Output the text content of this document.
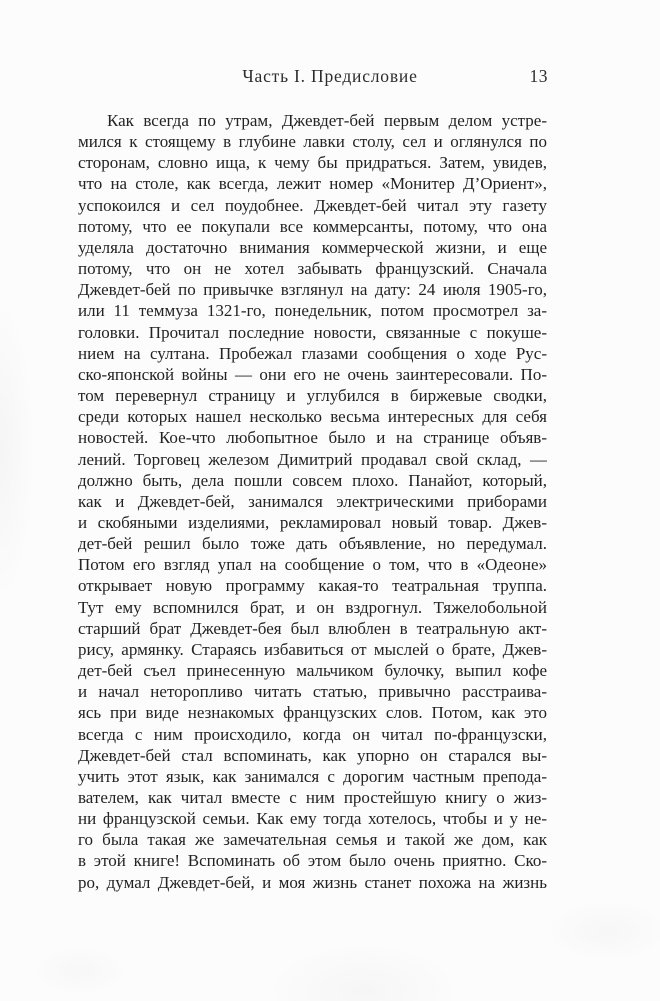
Часть I. Предисловие	13
Как всегда по утрам, Джевдет-бей первым делом устре-
мился к стоящему в глубине лавки столу, сел и оглянулся по
сторонам, словно ища, к чему бы придраться. Затем, увидев,
что на столе, как всегда, лежит номер «Монитер Д’Ориент»,
успокоился и сел поудобнее. Джевдет-бей читал эту газету
потому, что ее покупали все коммерсанты, потому, что она
уделяла достаточно внимания коммерческой жизни, и еще
потому, что он не хотел забывать французский. Сначала
Джевдет-бей по привычке взглянул на дату: 24 июля 1905-го,
или 11 теммуза 1321-го, понедельник, потом просмотрел за-
головки. Прочитал последние новости, связанные с покуше-
нием на султана. Пробежал глазами сообщения о ходе Рус-
ско-японской войны — они его не очень заинтересовали. По-
том перевернул страницу и углубился в биржевые сводки,
среди которых нашел несколько весьма интересных для себя
новостей. Кое-что любопытное было и на странице объяв-
лений. Торговец железом Димитрий продавал свой склад, —
должно быть, дела пошли совсем плохо. Панайот, который,
как и Джевдет-бей, занимался электрическими приборами
и скобяными изделиями, рекламировал новый товар. Джев-
дет-бей решил было тоже дать объявление, но передумал.
Потом его взгляд упал на сообщение о том, что в «Одеоне»
открывает новую программу какая-то театральная труппа.
Тут ему вспомнился брат, и он вздрогнул. Тяжелобольной
старший брат Джевдет-бея был влюблен в театральную акт-
рису, армянку. Стараясь избавиться от мыслей о брате, Джев-
дет-бей съел принесенную мальчиком булочку, выпил кофе
и начал неторопливо читать статью, привычно расстраива-
ясь при виде незнакомых французских слов. Потом, как это
всегда с ним происходило, когда он читал по-французски,
Джевдет-бей стал вспоминать, как упорно он старался вы-
учить этот язык, как занимался с дорогим частным препода-
вателем, как читал вместе с ним простейшую книгу о жиз-
ни французской семьи. Как ему тогда хотелось, чтобы и у не-
го была такая же замечательная семья и такой же дом, как
в этой книге! Вспоминать об этом было очень приятно. Ско-
ро, думал Джевдет-бей, и моя жизнь станет похожа на жизнь
